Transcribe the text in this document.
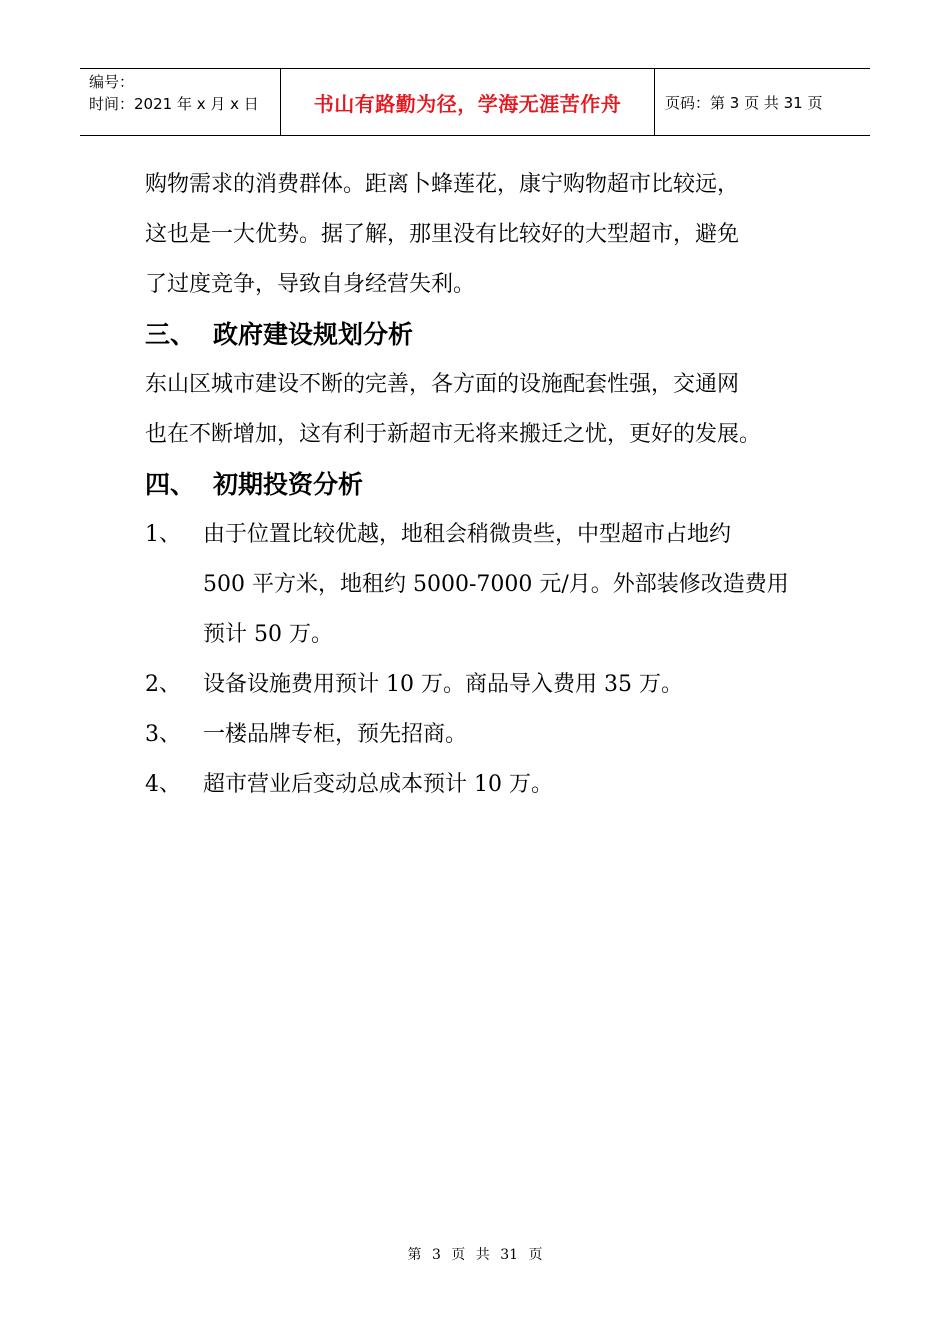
编号：
时间：2021 年 x 月 x 日	书山有路勤为径，学海无涯苦作舟	页码：第 3 页 共 31 页

购物需求的消费群体。距离卜蜂莲花，康宁购物超市比较远，

这也是一大优势。据了解，那里没有比较好的大型超市，避免

了过度竞争，导致自身经营失利。

三、 政府建设规划分析

东山区城市建设不断的完善，各方面的设施配套性强，交通网

也在不断增加，这有利于新超市无将来搬迁之忧，更好的发展。

四、 初期投资分析
1、	由于位置比较优越，地租会稍微贵些，中型超市占地约
500 平方米，地租约 5000-7000 元/月。外部装修改造费用
预计 50 万。
2、	设备设施费用预计 10 万。商品导入费用 35 万。
3、	一楼品牌专柜，预先招商。
4、	超市营业后变动总成本预计 10 万。
第 3 页 共 31 页
